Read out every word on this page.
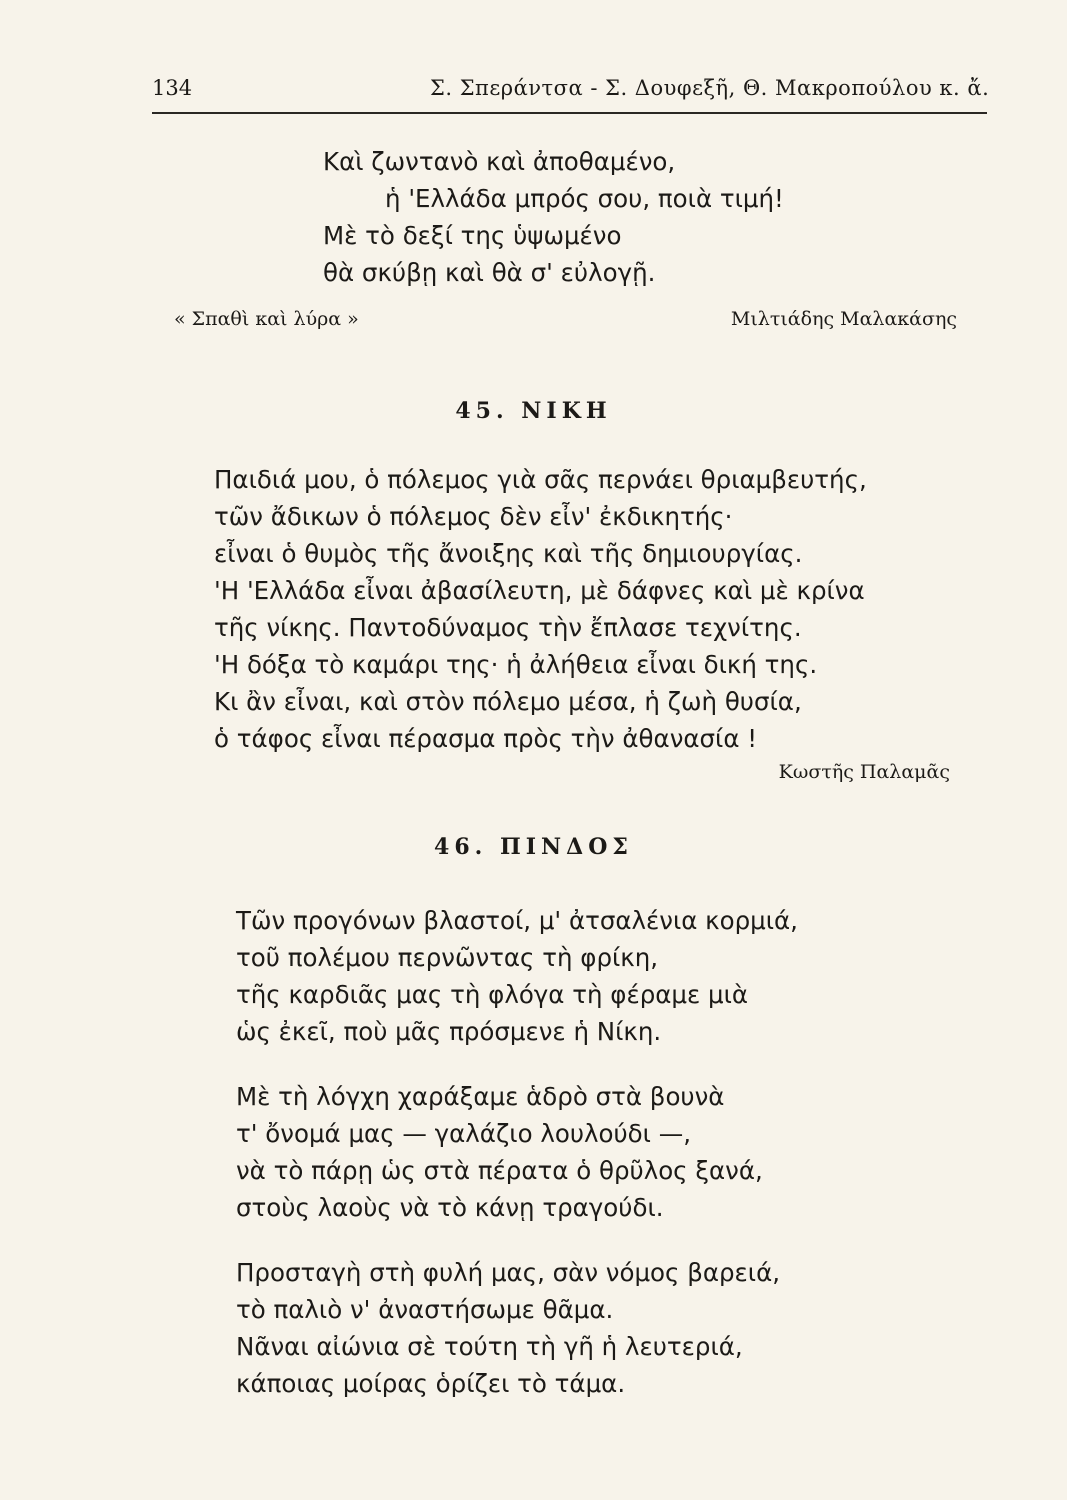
134	Σ. Σπεράντσα - Σ. Δουφεξῆ, Θ. Μακροπούλου κ. ἄ.
Καὶ ζωντανὸ καὶ ἀποθαμένο,
ἡ 'Ελλάδα μπρός σου, ποιὰ τιμή!
Μὲ τὸ δεξί της ὑψωμένο
θὰ σκύβῃ καὶ θὰ σ' εὐλογῇ.
« Σπαθὶ καὶ λύρα »	Μιλτιάδης Μαλακάσης
45. ΝΙΚΗ
Παιδιά μου, ὁ πόλεμος γιὰ σᾶς περνάει θριαμβευτής,
τῶν ἄδικων ὁ πόλεμος δὲν εἶν' ἐκδικητής·
εἶναι ὁ θυμὸς τῆς ἄνοιξης καὶ τῆς δημιουργίας.
'Η 'Ελλάδα εἶναι ἀβασίλευτη, μὲ δάφνες καὶ μὲ κρίνα
τῆς νίκης. Παντοδύναμος τὴν ἔπλασε τεχνίτης.
'Η δόξα τὸ καμάρι της· ἡ ἀλήθεια εἶναι δική της.
Κι ἂν εἶναι, καὶ στὸν πόλεμο μέσα, ἡ ζωὴ θυσία,
ὁ τάφος εἶναι πέρασμα πρὸς τὴν ἀθανασία !
Κωστῆς Παλαμᾶς
46. ΠΙΝΔΟΣ
Τῶν προγόνων βλαστοί, μ' ἀτσαλένια κορμιά,
τοῦ πολέμου περνῶντας τὴ φρίκη,
τῆς καρδιᾶς μας τὴ φλόγα τὴ φέραμε μιὰ
ὡς ἐκεῖ, ποὺ μᾶς πρόσμενε ἡ Νίκη.
Μὲ τὴ λόγχη χαράξαμε ἁδρὸ στὰ βουνὰ
τ' ὄνομά μας — γαλάζιο λουλούδι —,
νὰ τὸ πάρῃ ὡς στὰ πέρατα ὁ θρῦλος ξανά,
στοὺς λαοὺς νὰ τὸ κάνῃ τραγούδι.
Προσταγὴ στὴ φυλή μας, σὰν νόμος βαρειά,
τὸ παλιὸ ν' ἀναστήσωμε θᾶμα.
Νᾶναι αἰώνια σὲ τούτη τὴ γῆ ἡ λευτεριά,
κάποιας μοίρας ὁρίζει τὸ τάμα.
